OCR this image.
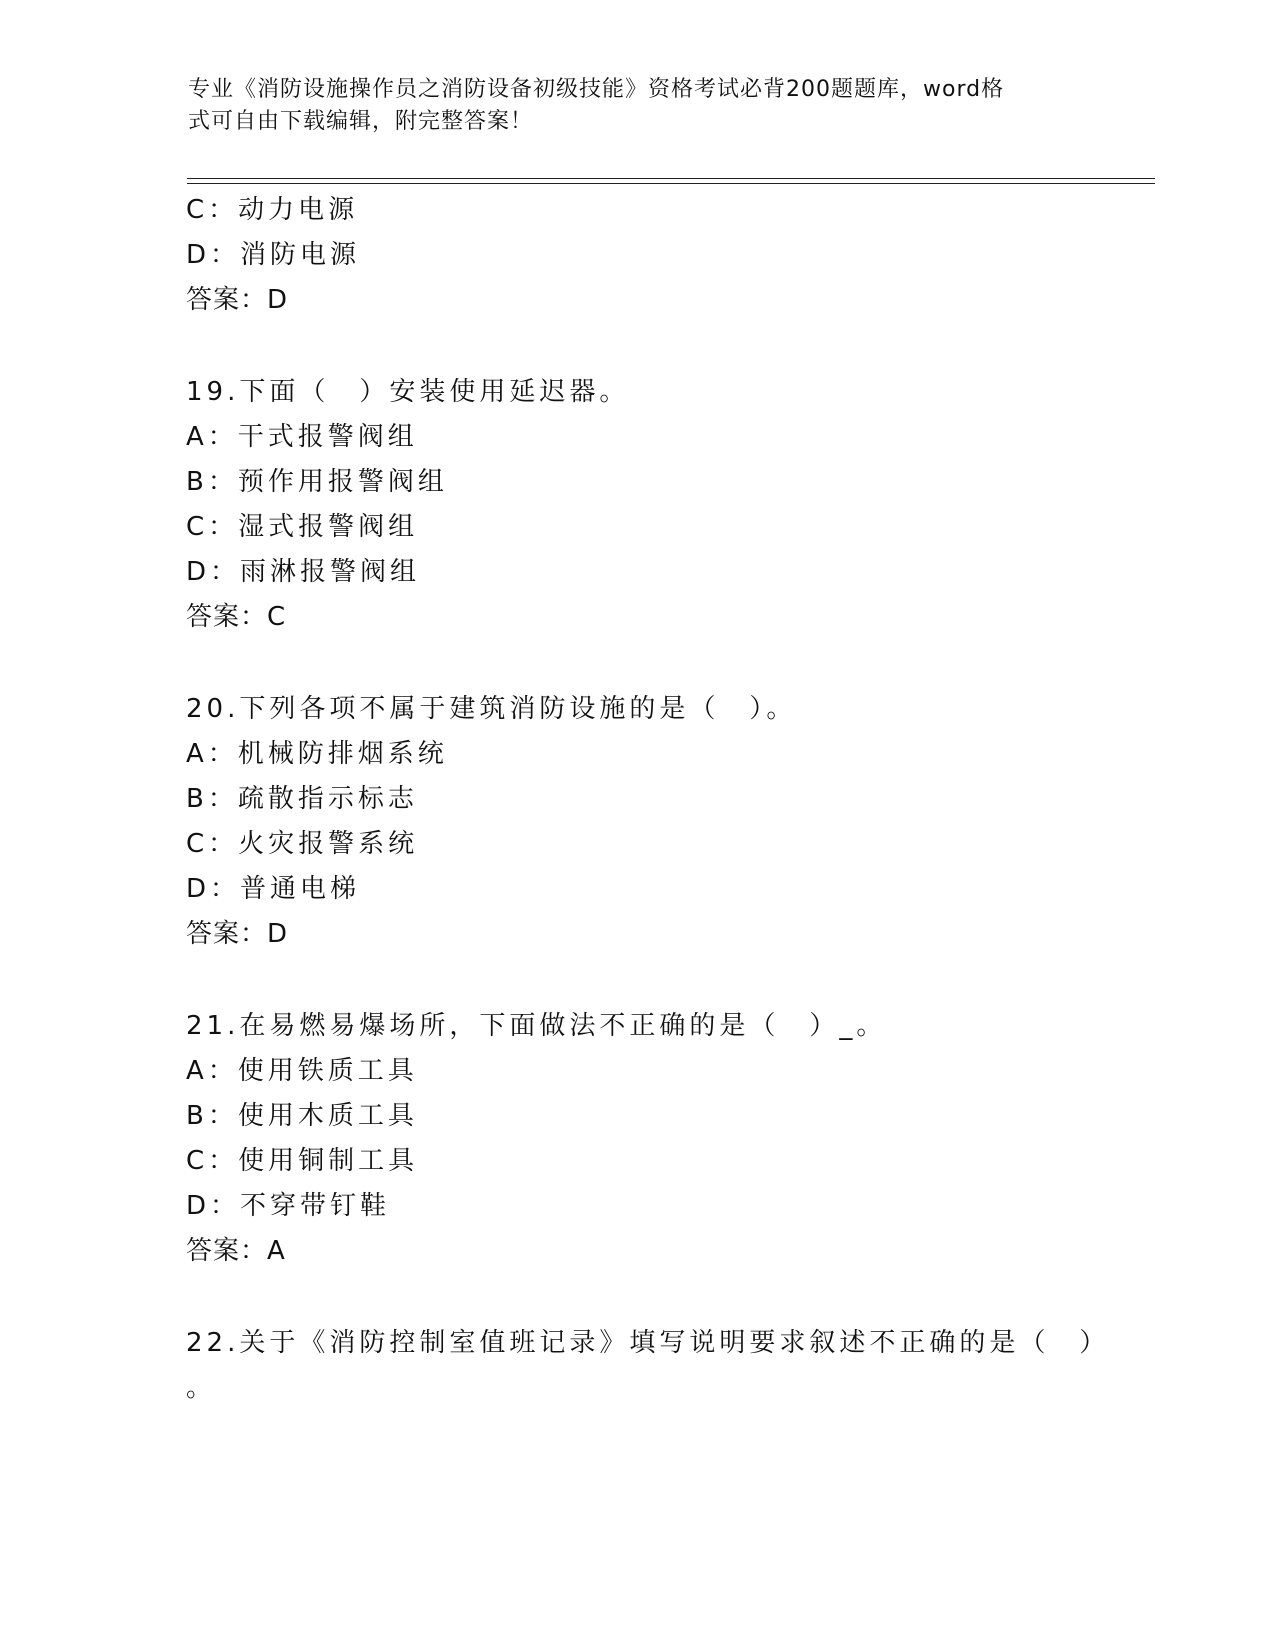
专业《消防设施操作员之消防设备初级技能》资格考试必背200题题库，word格
式可自由下载编辑，附完整答案！
C：动力电源
D：消防电源
答案：D
19.下面（　）安装使用延迟器。
A：干式报警阀组
B：预作用报警阀组
C：湿式报警阀组
D：雨淋报警阀组
答案：C
20.下列各项不属于建筑消防设施的是（　）。
A：机械防排烟系统
B：疏散指示标志
C：火灾报警系统
D：普通电梯
答案：D
21.在易燃易爆场所，下面做法不正确的是（　）_。
A：使用铁质工具
B：使用木质工具
C：使用铜制工具
D：不穿带钉鞋
答案：A
22.关于《消防控制室值班记录》填写说明要求叙述不正确的是（　）
。
